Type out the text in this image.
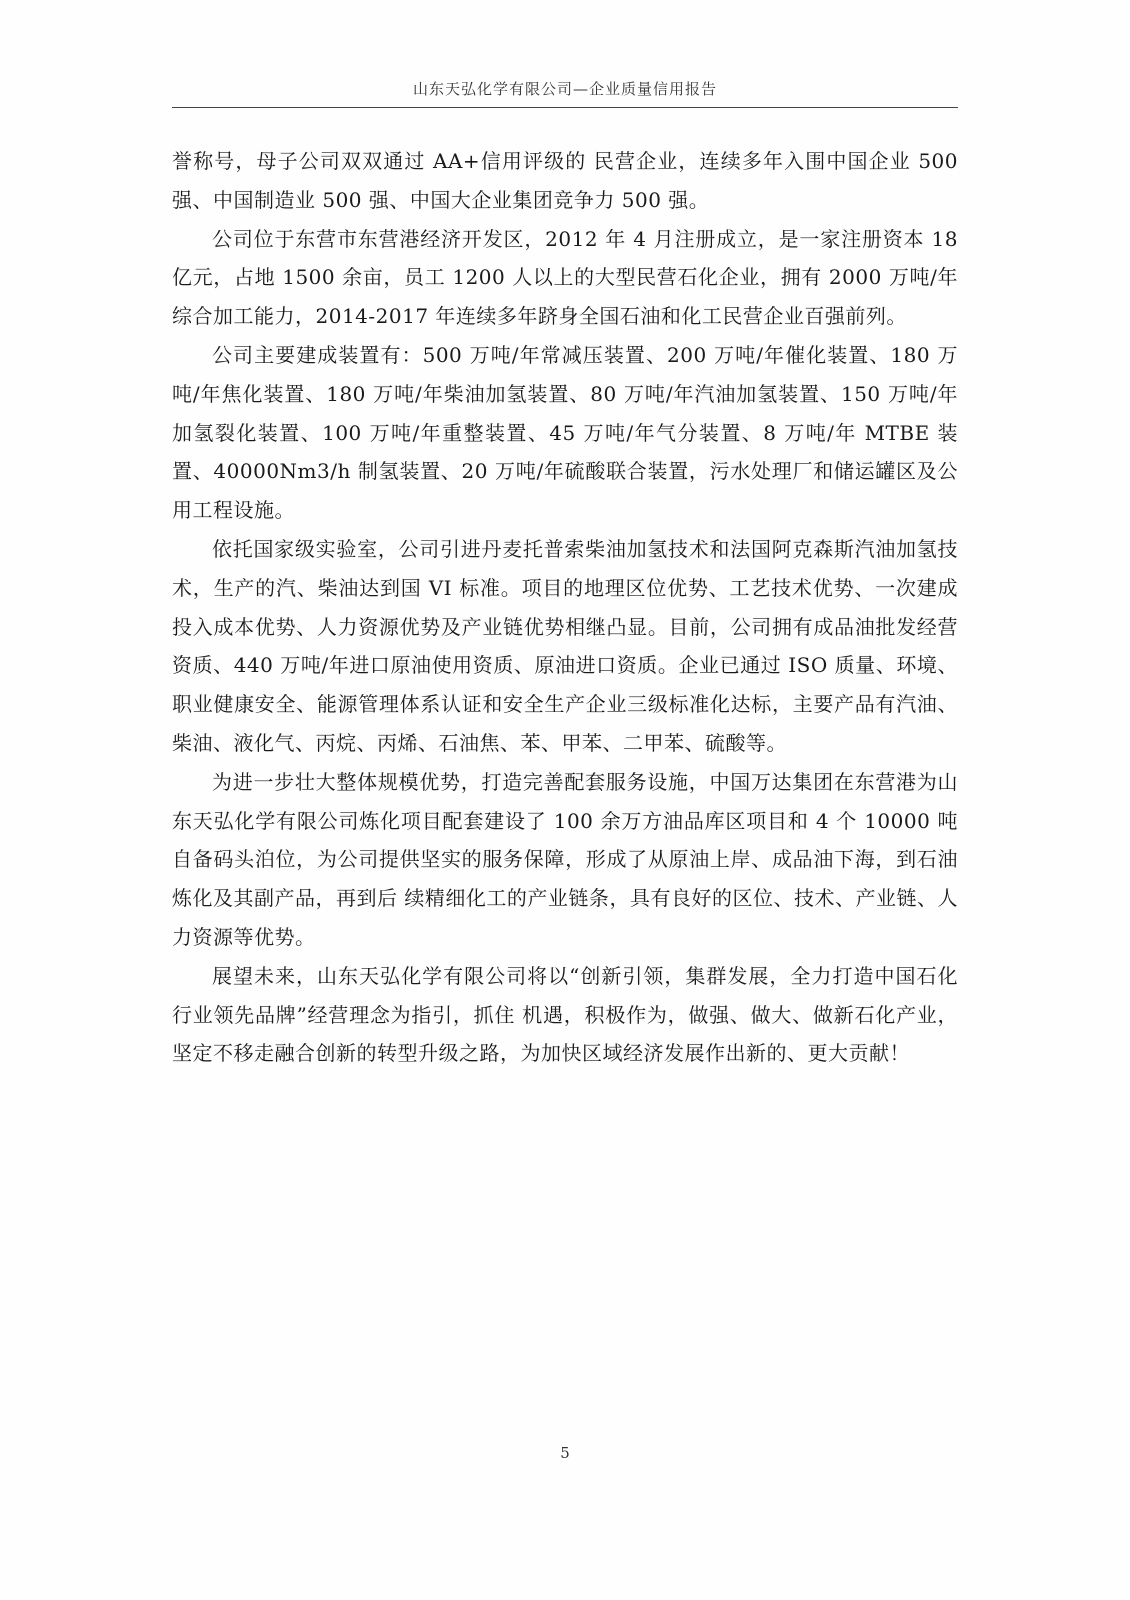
山东天弘化学有限公司—企业质量信用报告

誉称号，母子公司双双通过 AA+信用评级的 民营企业，连续多年入围中国企业 500 强、中国制造业 500 强、中国大企业集团竞争力 500 强。

公司位于东营市东营港经济开发区，2012 年 4 月注册成立，是一家注册资本 18 亿元，占地 1500 余亩，员工 1200 人以上的大型民营石化企业，拥有 2000 万吨/年综合加工能力，2014-2017 年连续多年跻身全国石油和化工民营企业百强前列。

公司主要建成装置有：500 万吨/年常减压装置、200 万吨/年催化装置、180 万吨/年焦化装置、180 万吨/年柴油加氢装置、80 万吨/年汽油加氢装置、150 万吨/年加氢裂化装置、100 万吨/年重整装置、45 万吨/年气分装置、8 万吨/年 MTBE 装置、40000Nm3/h 制氢装置、20 万吨/年硫酸联合装置，污水处理厂和储运罐区及公用工程设施。

依托国家级实验室，公司引进丹麦托普索柴油加氢技术和法国阿克森斯汽油加氢技术，生产的汽、柴油达到国 VI 标准。项目的地理区位优势、工艺技术优势、一次建成投入成本优势、人力资源优势及产业链优势相继凸显。目前，公司拥有成品油批发经营资质、440 万吨/年进口原油使用资质、原油进口资质。企业已通过 ISO 质量、环境、职业健康安全、能源管理体系认证和安全生产企业三级标准化达标，主要产品有汽油、柴油、液化气、丙烷、丙烯、石油焦、苯、甲苯、二甲苯、硫酸等。

为进一步壮大整体规模优势，打造完善配套服务设施，中国万达集团在东营港为山东天弘化学有限公司炼化项目配套建设了 100 余万方油品库区项目和 4 个 10000 吨自备码头泊位，为公司提供坚实的服务保障，形成了从原油上岸、成品油下海，到石油炼化及其副产品，再到后 续精细化工的产业链条，具有良好的区位、技术、产业链、人力资源等优势。

展望未来，山东天弘化学有限公司将以“创新引领，集群发展，全力打造中国石化行业领先品牌”经营理念为指引，抓住 机遇，积极作为，做强、做大、做新石化产业，坚定不移走融合创新的转型升级之路，为加快区域经济发展作出新的、更大贡献！

5
